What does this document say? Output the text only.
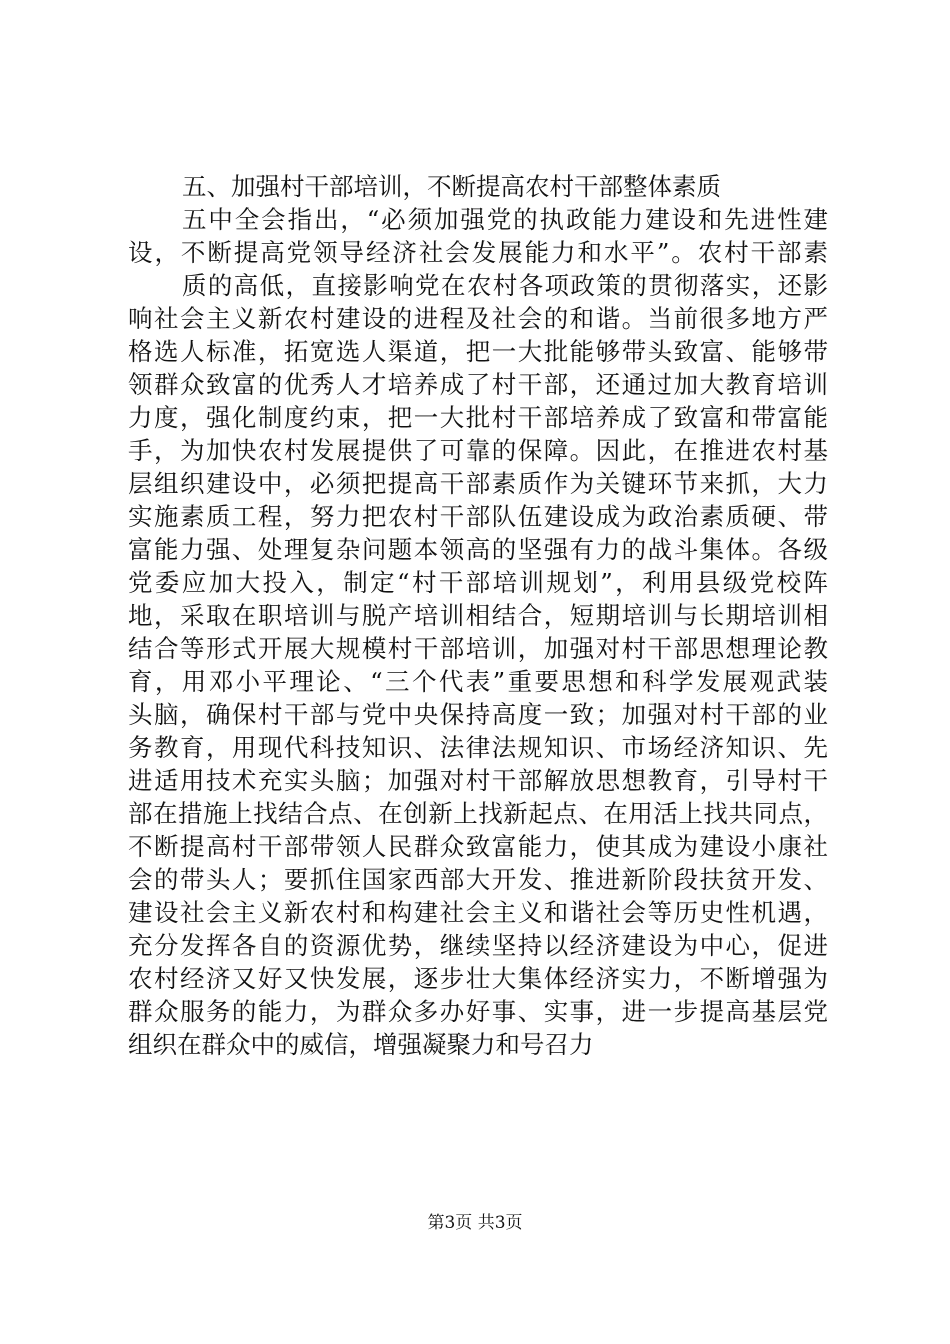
五、加强村干部培训，不断提高农村干部整体素质
五中全会指出，“必须加强党的执政能力建设和先进性建
设，不断提高党领导经济社会发展能力和水平”。农村干部素
质的高低，直接影响党在农村各项政策的贯彻落实，还影
响社会主义新农村建设的进程及社会的和谐。当前很多地方严
格选人标准，拓宽选人渠道，把一大批能够带头致富、能够带
领群众致富的优秀人才培养成了村干部，还通过加大教育培训
力度，强化制度约束，把一大批村干部培养成了致富和带富能
手，为加快农村发展提供了可靠的保障。因此，在推进农村基
层组织建设中，必须把提高干部素质作为关键环节来抓，大力
实施素质工程，努力把农村干部队伍建设成为政治素质硬、带
富能力强、处理复杂问题本领高的坚强有力的战斗集体。各级
党委应加大投入，制定“村干部培训规划”，利用县级党校阵
地，采取在职培训与脱产培训相结合，短期培训与长期培训相
结合等形式开展大规模村干部培训，加强对村干部思想理论教
育，用邓小平理论、“三个代表”重要思想和科学发展观武装
头脑，确保村干部与党中央保持高度一致；加强对村干部的业
务教育，用现代科技知识、法律法规知识、市场经济知识、先
进适用技术充实头脑；加强对村干部解放思想教育，引导村干
部在措施上找结合点、在创新上找新起点、在用活上找共同点，
不断提高村干部带领人民群众致富能力，使其成为建设小康社
会的带头人；要抓住国家西部大开发、推进新阶段扶贫开发、
建设社会主义新农村和构建社会主义和谐社会等历史性机遇，
充分发挥各自的资源优势，继续坚持以经济建设为中心，促进
农村经济又好又快发展，逐步壮大集体经济实力，不断增强为
群众服务的能力，为群众多办好事、实事，进一步提高基层党
组织在群众中的威信，增强凝聚力和号召力
第3页 共3页
